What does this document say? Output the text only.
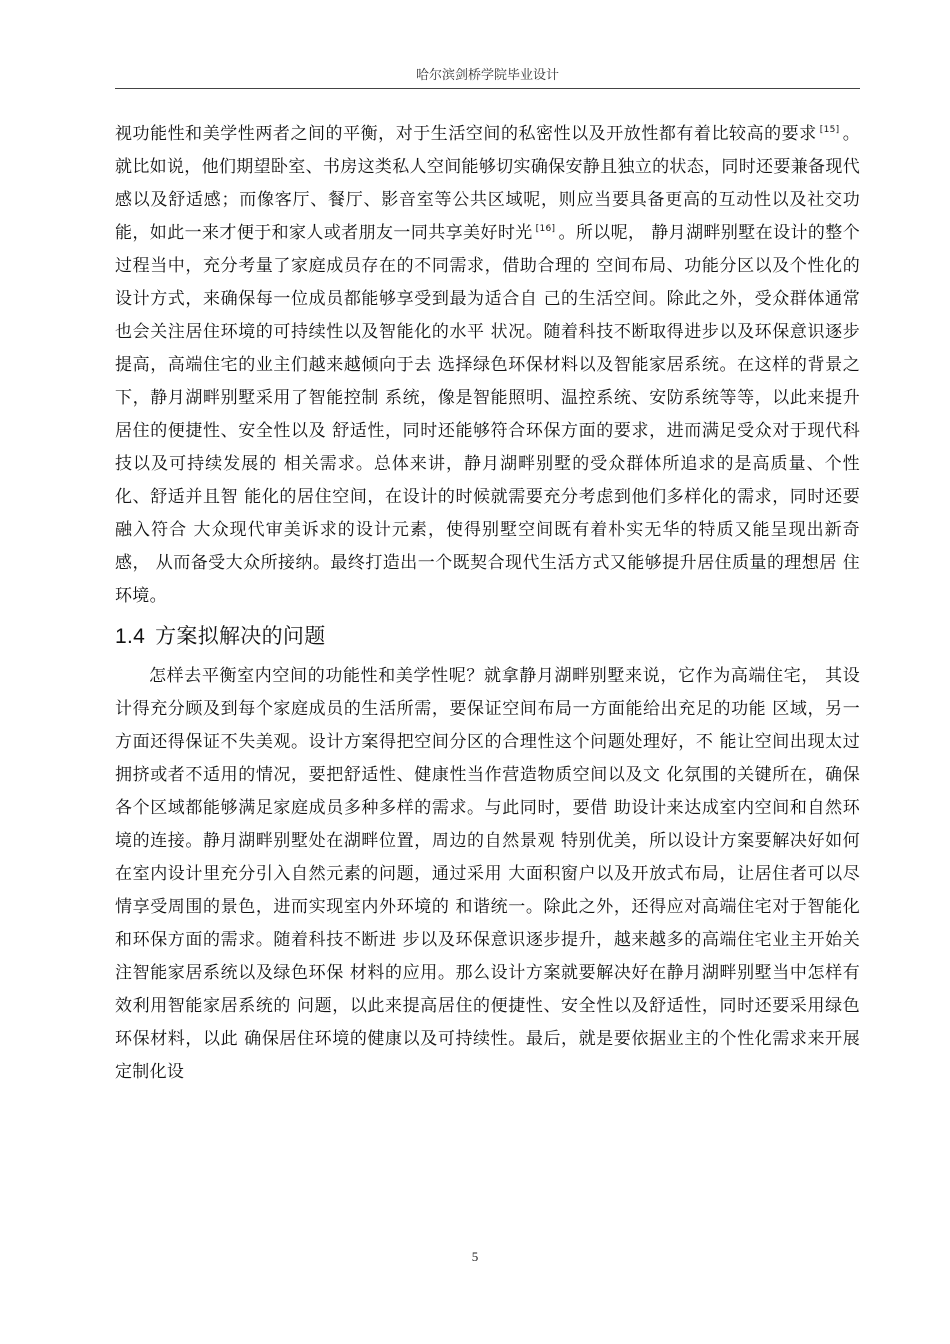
哈尔滨剑桥学院毕业设计

视功能性和美学性两者之间的平衡，对于生活空间的私密性以及开放性都有着比较高的要求 [15] 。就比如说，他们期望卧室、书房这类私人空间能够切实确保安静且独立的状态，同时还要兼备现代感以及舒适感；而像客厅、餐厅、影音室等公共区域呢，则应当要具备更高的互动性以及社交功能，如此一来才便于和家人或者朋友一同共享美好时光 [16] 。所以呢， 静月湖畔别墅在设计的整个过程当中，充分考量了家庭成员存在的不同需求，借助合理的 空间布局、功能分区以及个性化的设计方式，来确保每一位成员都能够享受到最为适合自 己的生活空间。除此之外，受众群体通常也会关注居住环境的可持续性以及智能化的水平 状况。随着科技不断取得进步以及环保意识逐步提高，高端住宅的业主们越来越倾向于去 选择绿色环保材料以及智能家居系统。在这样的背景之下，静月湖畔别墅采用了智能控制 系统，像是智能照明、温控系统、安防系统等等，以此来提升居住的便捷性、安全性以及 舒适性，同时还能够符合环保方面的要求，进而满足受众对于现代科技以及可持续发展的 相关需求。总体来讲，静月湖畔别墅的受众群体所追求的是高质量、个性化、舒适并且智 能化的居住空间，在设计的时候就需要充分考虑到他们多样化的需求，同时还要融入符合 大众现代审美诉求的设计元素，使得别墅空间既有着朴实无华的特质又能呈现出新奇感， 从而备受大众所接纳。最终打造出一个既契合现代生活方式又能够提升居住质量的理想居 住环境。

1.4 方案拟解决的问题

怎样去平衡室内空间的功能性和美学性呢？就拿静月湖畔别墅来说，它作为高端住宅， 其设计得充分顾及到每个家庭成员的生活所需，要保证空间布局一方面能给出充足的功能 区域，另一方面还得保证不失美观。设计方案得把空间分区的合理性这个问题处理好，不 能让空间出现太过拥挤或者不适用的情况，要把舒适性、健康性当作营造物质空间以及文 化氛围的关键所在，确保各个区域都能够满足家庭成员多种多样的需求。与此同时，要借 助设计来达成室内空间和自然环境的连接。静月湖畔别墅处在湖畔位置，周边的自然景观 特别优美，所以设计方案要解决好如何在室内设计里充分引入自然元素的问题，通过采用 大面积窗户以及开放式布局，让居住者可以尽情享受周围的景色，进而实现室内外环境的 和谐统一。除此之外，还得应对高端住宅对于智能化和环保方面的需求。随着科技不断进 步以及环保意识逐步提升，越来越多的高端住宅业主开始关注智能家居系统以及绿色环保 材料的应用。那么设计方案就要解决好在静月湖畔别墅当中怎样有效利用智能家居系统的 问题，以此来提高居住的便捷性、安全性以及舒适性，同时还要采用绿色环保材料，以此 确保居住环境的健康以及可持续性。最后，就是要依据业主的个性化需求来开展定制化设

5
